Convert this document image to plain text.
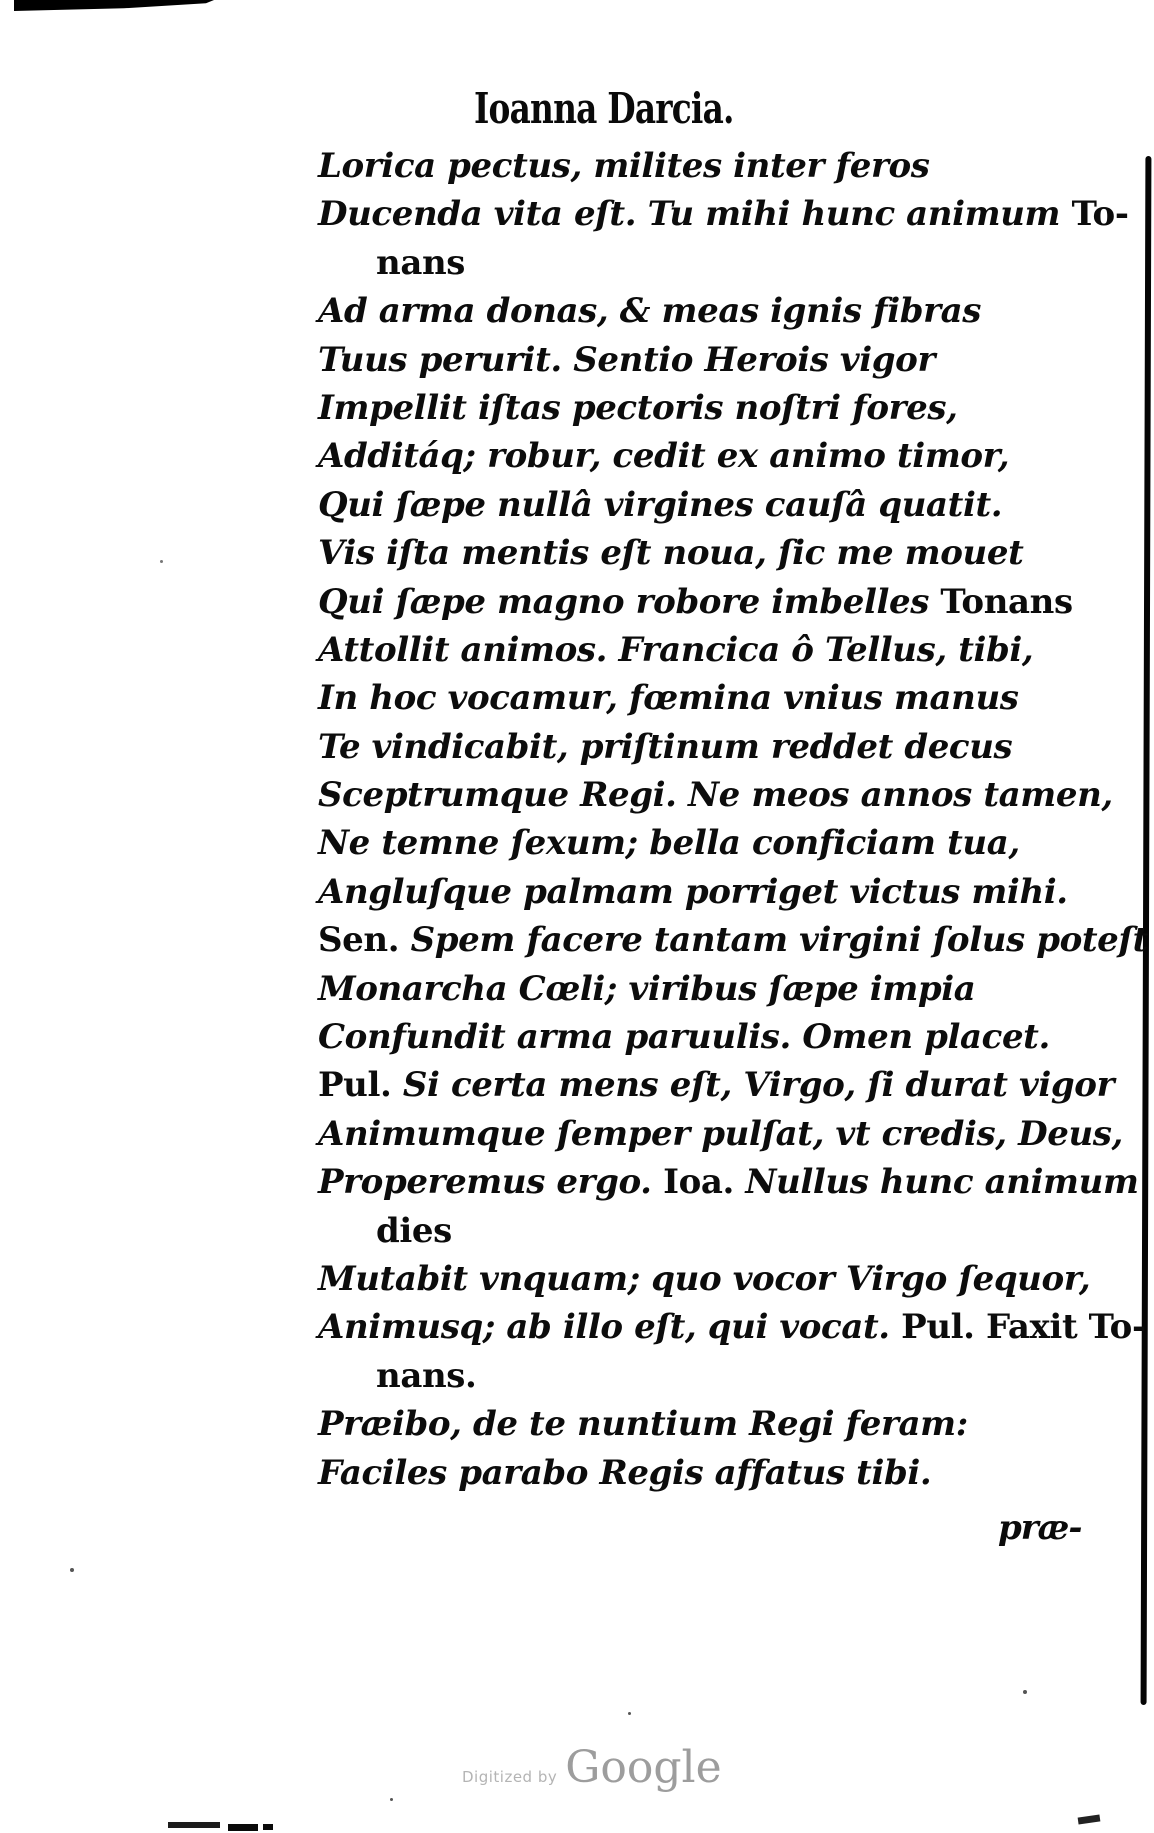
Ioanna Darcia.
Lorica pectus, milites inter feros
Ducenda vita eſt. Tu mihi hunc animum To-
nans
Ad arma donas, & meas ignis fibras
Tuus perurit. Sentio Herois vigor
Impellit iſtas pectoris noſtri fores,
Additáq; robur, cedit ex animo timor,
Qui ſæpe nullâ virgines cauſâ quatit.
Vis iſta mentis eſt noua, ſic me mouet
Qui ſæpe magno robore imbelles Tonans
Attollit animos. Francica ô Tellus, tibi,
In hoc vocamur, fœmina vnius manus
Te vindicabit, priſtinum reddet decus
Sceptrumque Regi. Ne meos annos tamen,
Ne temne ſexum; bella conficiam tua,
Angluſque palmam porriget victus mihi.
Sen. Spem facere tantam virgini ſolus poteſt
Monarcha Cœli; viribus ſæpe impia
Confundit arma paruulis. Omen placet.
Pul. Si certa mens eſt, Virgo, ſi durat vigor
Animumque ſemper pulſat, vt credis, Deus,
Properemus ergo. Ioa. Nullus hunc animum
dies
Mutabit vnquam; quo vocor Virgo ſequor,
Animusq; ab illo eſt, qui vocat. Pul. Faxit To-
nans.
Præibo, de te nuntium Regi feram:
Faciles parabo Regis affatus tibi.
præ-
Digitized by Google
